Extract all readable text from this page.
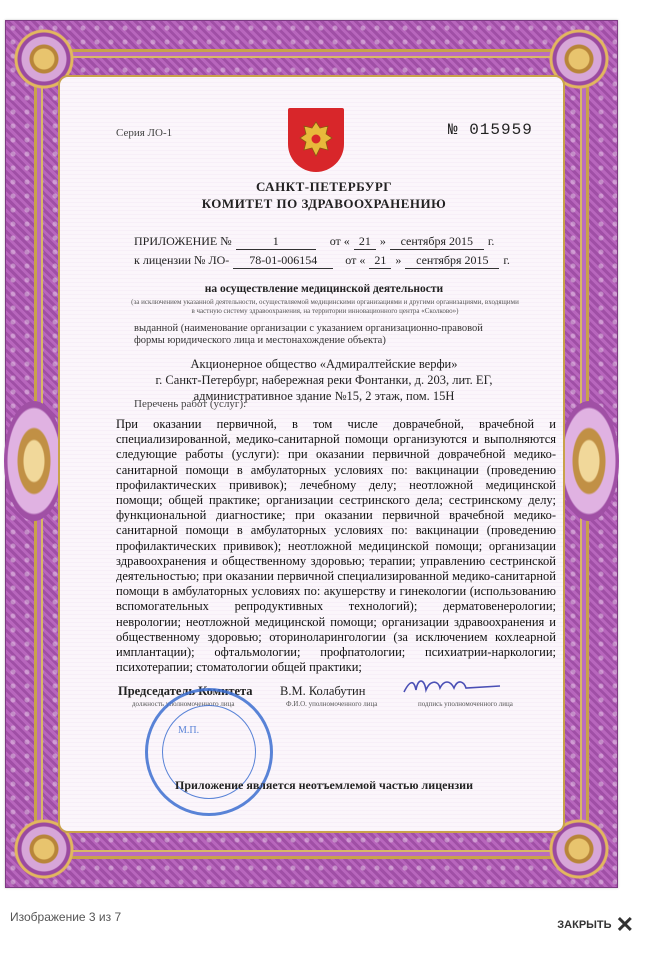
Серия ЛО-1	№ 015959
САНКТ-ПЕТЕРБУРГ
КОМИТЕТ ПО ЗДРАВООХРАНЕНИЮ
ПРИЛОЖЕНИЕ №	1	от « 21 »	сентября 2015	г.
к лицензии № ЛО-	78-01-006154	от « 21 »	сентября 2015	г.
на осуществление медицинской деятельности
(за исключением указанной деятельности, осуществляемой медицинскими организациями и другими организациями, входящими в частную систему здравоохранения, на территории инновационного центра «Сколково»)
выданной (наименование организации с указанием организационно-правовой формы юридического лица и местонахождение объекта)
Акционерное общество «Адмиралтейские верфи»
г. Санкт-Петербург, набережная реки Фонтанки, д. 203, лит. ЕГ,
административное здание №15, 2 этаж, пом. 15Н
Перечень работ (услуг):
При оказании первичной, в том числе доврачебной, врачебной и специализированной, медико-санитарной помощи организуются и выполняются следующие работы (услуги): при оказании первичной доврачебной медико-санитарной помощи в амбулаторных условиях по: вакцинации (проведению профилактических прививок); лечебному делу; неотложной медицинской помощи; общей практике; организации сестринского дела; сестринскому делу; функциональной диагностике; при оказании первичной врачебной медико-санитарной помощи в амбулаторных условиях по: вакцинации (проведению профилактических прививок); неотложной медицинской помощи; организации здравоохранения и общественному здоровью; терапии; управлению сестринской деятельностью; при оказании первичной специализированной медико-санитарной помощи в амбулаторных условиях по: акушерству и гинекологии (использованию вспомогательных репродуктивных технологий); дерматовенерологии; неврологии; неотложной медицинской помощи; организации здравоохранения и общественному здоровью; оториноларингологии (за исключением кохлеарной имплантации); офтальмологии; профпатологии; психиатрии-наркологии; психотерапии; стоматологии общей практики;
Председатель Комитета
должность уполномоченного лица
В.М. Колабутин
Ф.И.О. уполномоченного лица	подпись уполномоченного лица
М.П.
Приложение является неотъемлемой частью лицензии
Изображение 3 из 7
ЗАКРЫТЬ ✕
